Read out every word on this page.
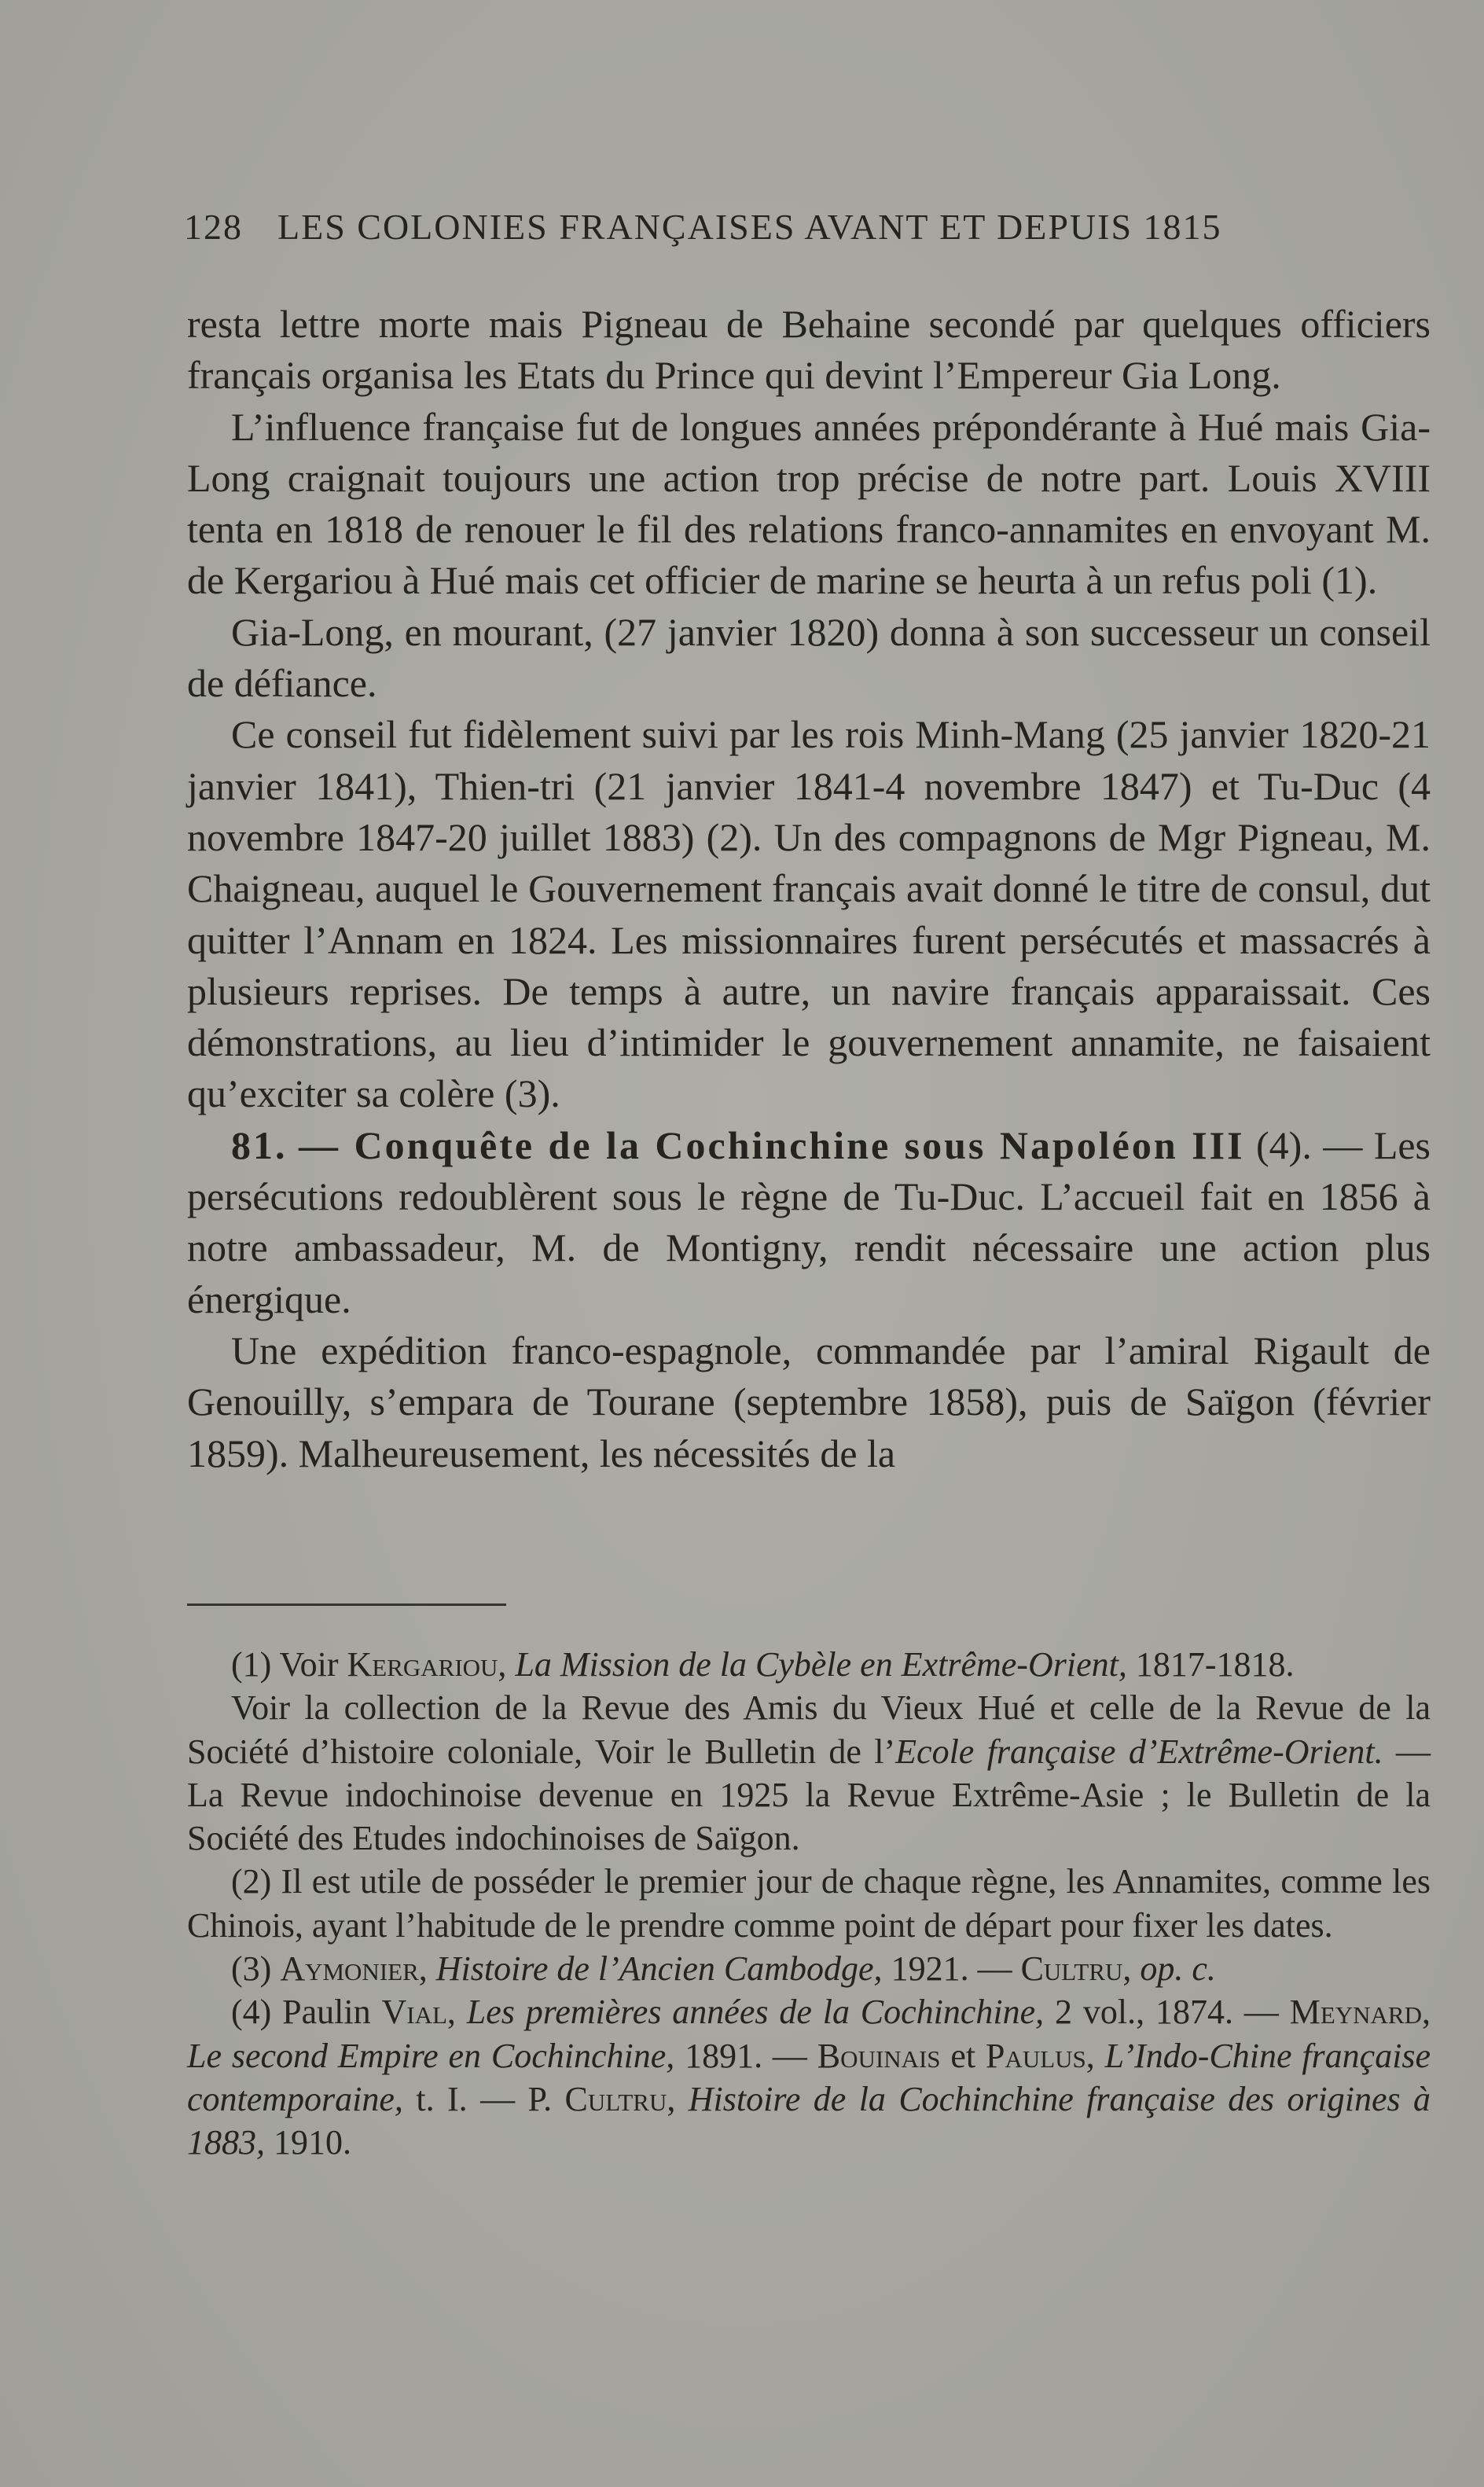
128 LES COLONIES FRANÇAISES AVANT ET DEPUIS 1815

resta lettre morte mais Pigneau de Behaine secondé par quelques officiers français organisa les Etats du Prince qui devint l’Empereur Gia Long.

L’influence française fut de longues années prépondérante à Hué mais Gia-Long craignait toujours une action trop précise de notre part. Louis XVIII tenta en 1818 de renouer le fil des relations franco-annamites en envoyant M. de Kergariou à Hué mais cet officier de marine se heurta à un refus poli (1).

Gia-Long, en mourant, (27 janvier 1820) donna à son successeur un conseil de défiance.

Ce conseil fut fidèlement suivi par les rois Minh-Mang (25 janvier 1820-21 janvier 1841), Thien-tri (21 janvier 1841-4 novembre 1847) et Tu-Duc (4 novembre 1847-20 juillet 1883) (2). Un des compagnons de Mgr Pigneau, M. Chaigneau, auquel le Gouvernement français avait donné le titre de consul, dut quitter l’Annam en 1824. Les missionnaires furent persécutés et massacrés à plusieurs reprises. De temps à autre, un navire français apparaissait. Ces démonstrations, au lieu d’intimider le gouvernement annamite, ne faisaient qu’exciter sa colère (3).

81. — Conquête de la Cochinchine sous Napoléon III (4). — Les persécutions redoublèrent sous le règne de Tu-Duc. L’accueil fait en 1856 à notre ambassadeur, M. de Montigny, rendit nécessaire une action plus énergique.

Une expédition franco-espagnole, commandée par l’amiral Rigault de Genouilly, s’empara de Tourane (septembre 1858), puis de Saïgon (février 1859). Malheureusement, les nécessités de la

(1) Voir Kergariou, La Mission de la Cybèle en Extrême-Orient, 1817-1818.

Voir la collection de la Revue des Amis du Vieux Hué et celle de la Revue de la Société d’histoire coloniale, Voir le Bulletin de l’Ecole française d’Extrême-Orient. — La Revue indochinoise devenue en 1925 la Revue Extrême-Asie ; le Bulletin de la Société des Etudes indochinoises de Saïgon.

(2) Il est utile de posséder le premier jour de chaque règne, les Annamites, comme les Chinois, ayant l’habitude de le prendre comme point de départ pour fixer les dates.

(3) Aymonier, Histoire de l’Ancien Cambodge, 1921. — Cultru, op. c.

(4) Paulin Vial, Les premières années de la Cochinchine, 2 vol., 1874. — Meynard, Le second Empire en Cochinchine, 1891. — Bouinais et Paulus, L’Indo-Chine française contemporaine, t. I. — P. Cultru, Histoire de la Cochinchine française des origines à 1883, 1910.
